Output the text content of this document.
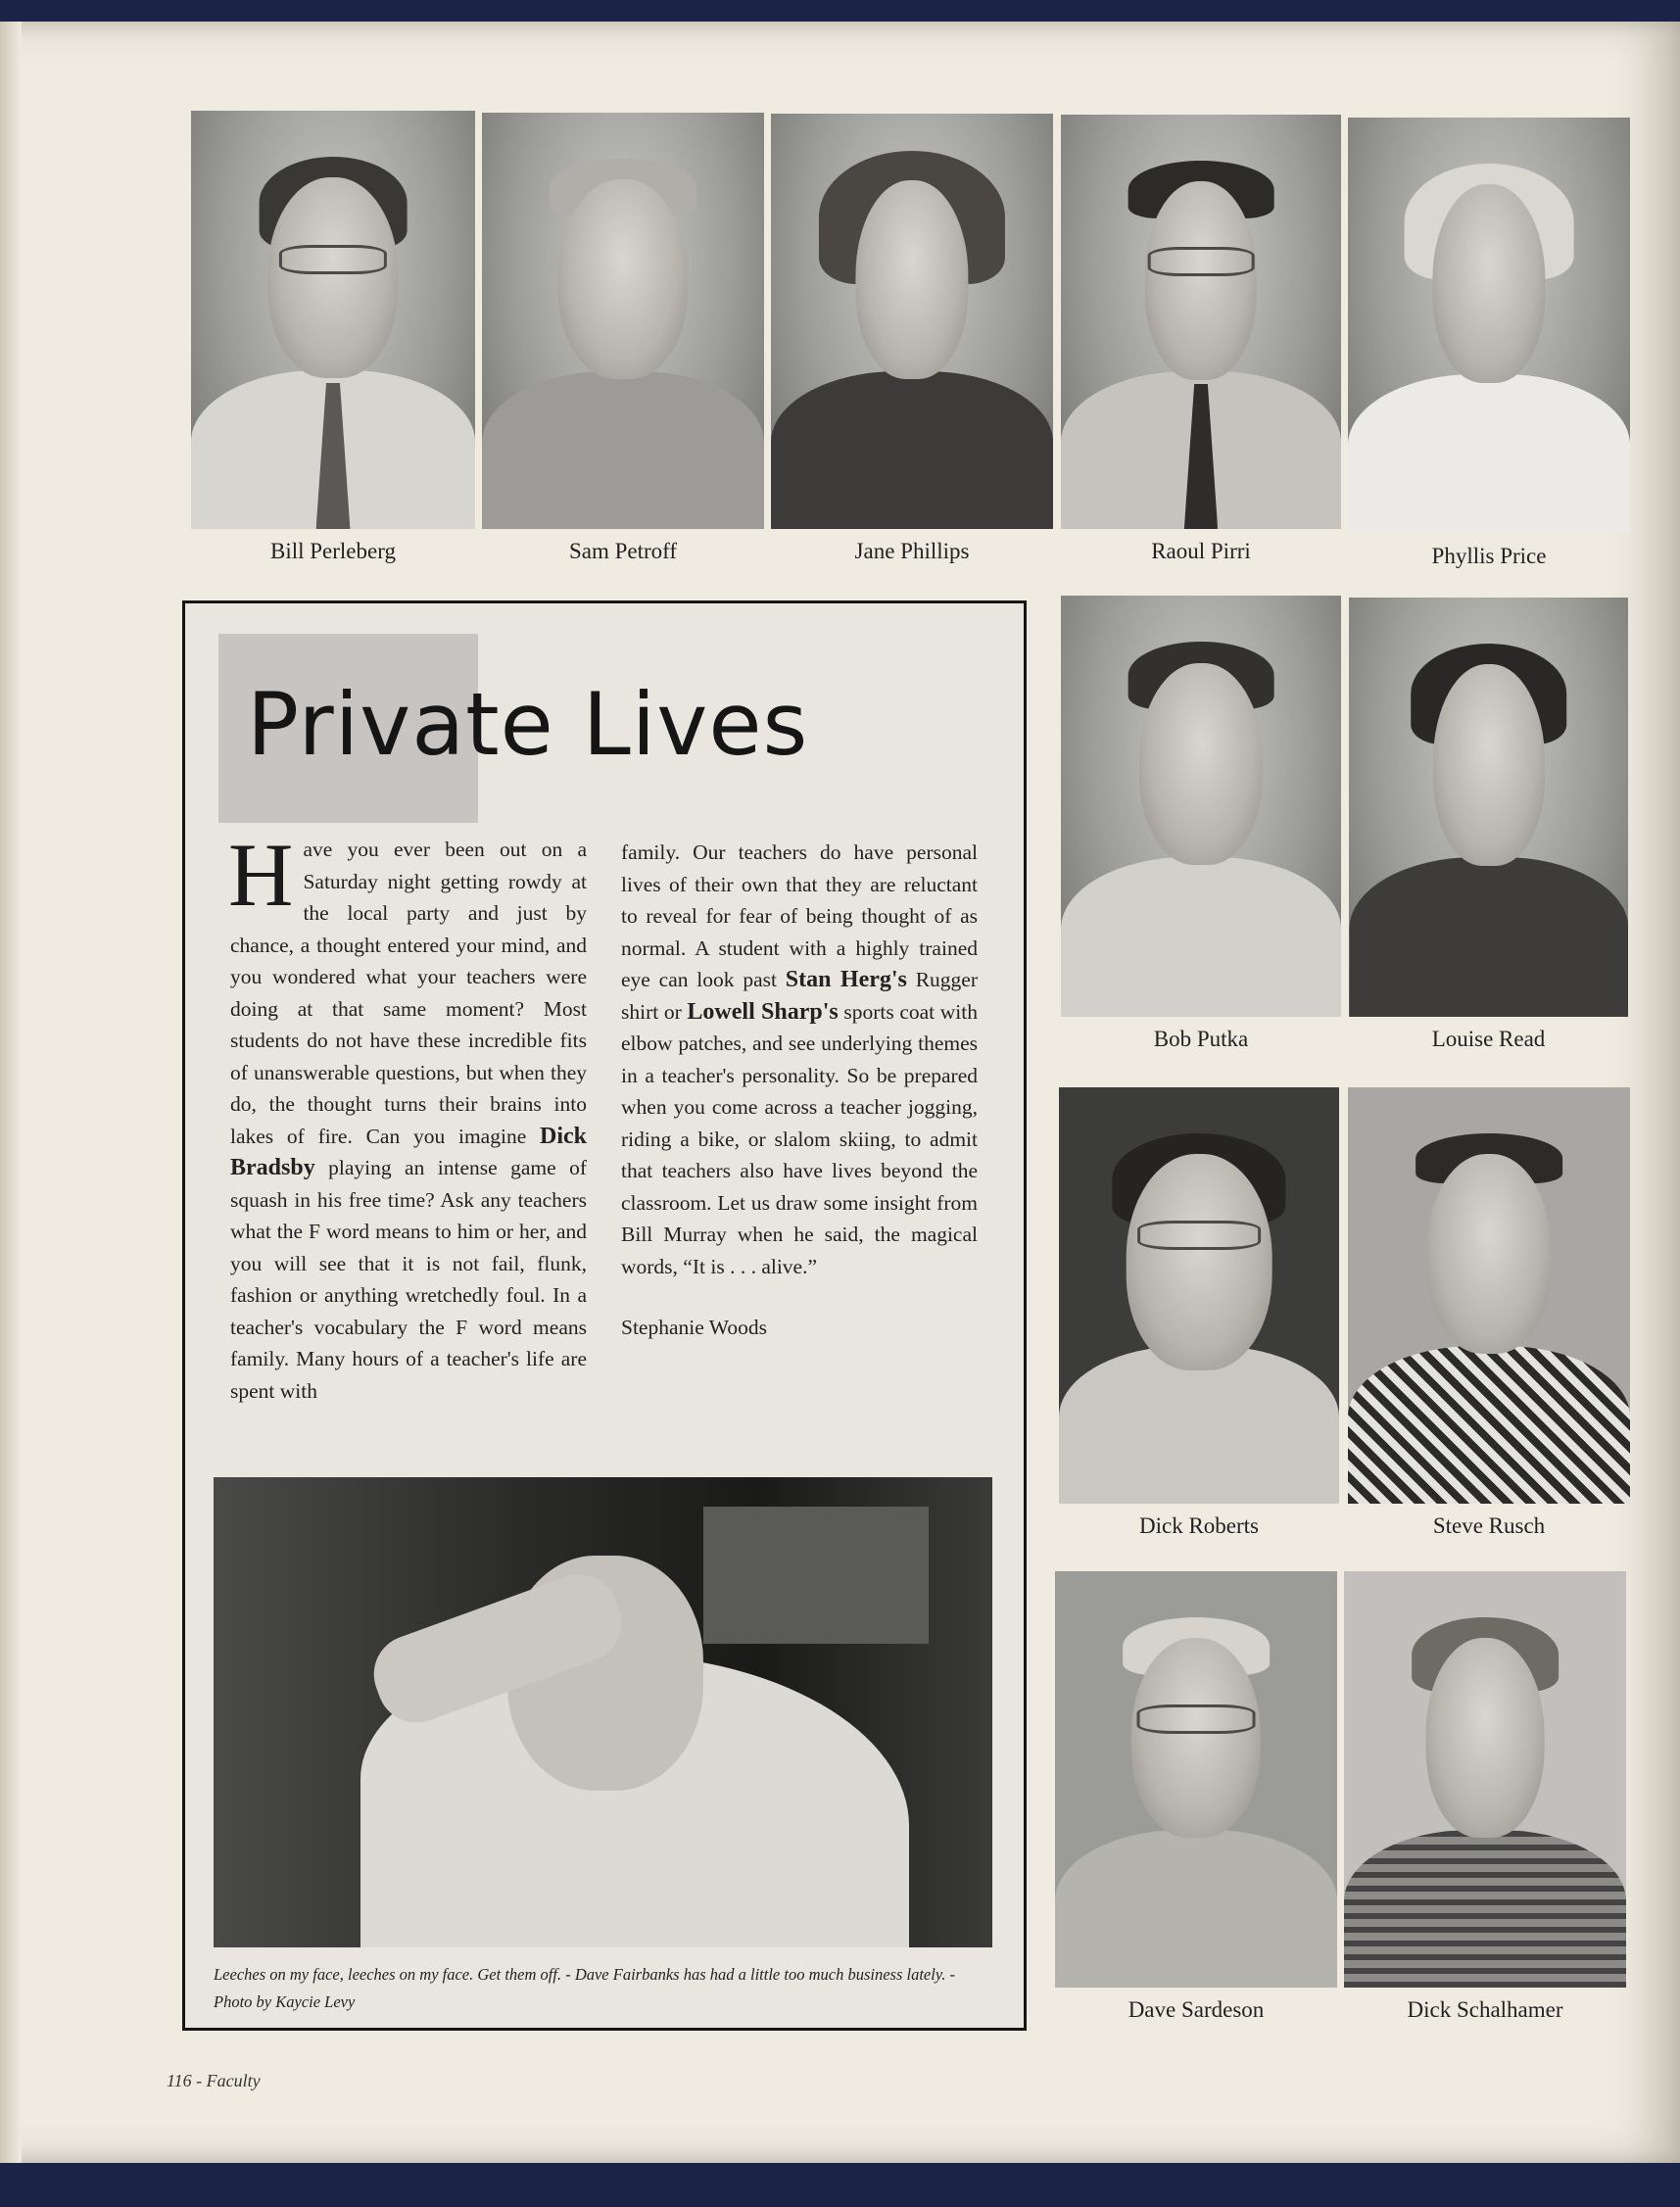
Bill Perleberg	Sam Petroff	Jane Phillips	Raoul Pirri	Phyllis Price
Private Lives
H ave you ever been out on a Saturday night getting rowdy at the local party and just by chance, a thought entered your mind, and you wondered what your teachers were doing at that same moment? Most students do not have these incredible fits of unanswerable questions, but when they do, the thought turns their brains into lakes of fire. Can you imagine Dick Bradsby playing an intense game of squash in his free time? Ask any teachers what the F word means to him or her, and you will see that it is not fail, flunk, fashion or anything wretchedly foul. In a teacher's vocabulary the F word means family. Many hours of a teacher's life are spent with
family. Our teachers do have personal lives of their own that they are reluctant to reveal for fear of being thought of as normal. A student with a highly trained eye can look past Stan Herg's Rugger shirt or Lowell Sharp's sports coat with elbow patches, and see underlying themes in a teacher's personality. So be prepared when you come across a teacher jogging, riding a bike, or slalom skiing, to admit that teachers also have lives beyond the classroom. Let us draw some insight from Bill Murray when he said, the magical words, “It is . . . alive.”
Stephanie Woods
Leeches on my face, leeches on my face. Get them off. - Dave Fairbanks has had a little too much business lately. - Photo by Kaycie Levy
Bob Putka	Louise Read
Dick Roberts	Steve Rusch
Dave Sardeson	Dick Schalhamer
116 - Faculty
